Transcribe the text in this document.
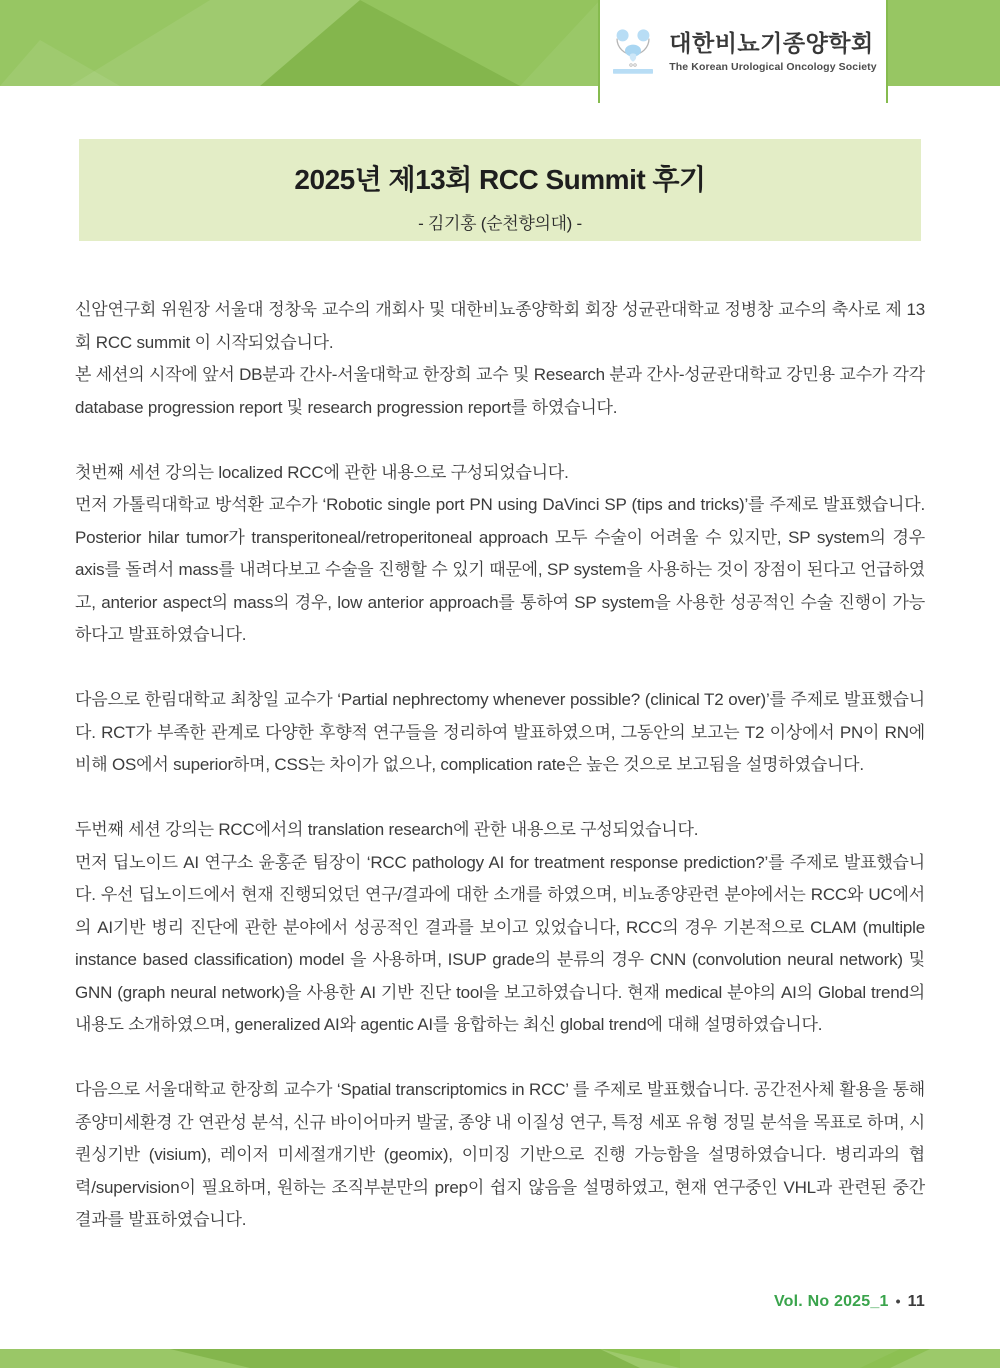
대한비뇨기종양학회
The Korean Urological Oncology Society
2025년 제13회 RCC Summit 후기
- 김기홍 (순천향의대) -

신암연구회 위원장 서울대 정창욱 교수의 개회사 및 대한비뇨종양학회 회장 성균관대학교 정병창 교수의 축사로 제 13회 RCC summit 이 시작되었습니다.

본 세션의 시작에 앞서 DB분과 간사-서울대학교 한장희 교수 및 Research 분과 간사-성균관대학교 강민용 교수가 각각 database progression report 및 research progression report를 하였습니다.

첫번째 세션 강의는 localized RCC에 관한 내용으로 구성되었습니다.

먼저 가톨릭대학교 방석환 교수가 ‘Robotic single port PN using DaVinci SP (tips and tricks)’를 주제로 발표했습니다. Posterior hilar tumor가 transperitoneal/retroperitoneal approach 모두 수술이 어려울 수 있지만, SP system의 경우 axis를 돌려서 mass를 내려다보고 수술을 진행할 수 있기 때문에, SP system을 사용하는 것이 장점이 된다고 언급하였고, anterior aspect의 mass의 경우, low anterior approach를 통하여 SP system을 사용한 성공적인 수술 진행이 가능하다고 발표하였습니다.

다음으로 한림대학교 최창일 교수가 ‘Partial nephrectomy whenever possible? (clinical T2 over)’를 주제로 발표했습니다. RCT가 부족한 관계로 다양한 후향적 연구들을 정리하여 발표하였으며, 그동안의 보고는 T2 이상에서 PN이 RN에 비해 OS에서 superior하며, CSS는 차이가 없으나, complication rate은 높은 것으로 보고됨을 설명하였습니다.

두번째 세션 강의는 RCC에서의 translation research에 관한 내용으로 구성되었습니다.

먼저 딥노이드 AI 연구소 윤홍준 팀장이 ‘RCC pathology AI for treatment response prediction?’를 주제로 발표했습니다. 우선 딥노이드에서 현재 진행되었던 연구/결과에 대한 소개를 하였으며, 비뇨종양관련 분야에서는 RCC와 UC에서의 AI기반 병리 진단에 관한 분야에서 성공적인 결과를 보이고 있었습니다, RCC의 경우 기본적으로 CLAM (multiple instance based classification) model 을 사용하며, ISUP grade의 분류의 경우 CNN (convolution neural network) 및 GNN (graph neural network)을 사용한 AI 기반 진단 tool을 보고하였습니다. 현재 medical 분야의 AI의 Global trend의 내용도 소개하였으며, generalized AI와 agentic AI를 융합하는 최신 global trend에 대해 설명하였습니다.

다음으로 서울대학교 한장희 교수가 ‘Spatial transcriptomics in RCC’ 를 주제로 발표했습니다. 공간전사체 활용을 통해 종양미세환경 간 연관성 분석, 신규 바이어마커 발굴, 종양 내 이질성 연구, 특정 세포 유형 정밀 분석을 목표로 하며, 시퀀싱기반 (visium), 레이저 미세절개기반 (geomix), 이미징 기반으로 진행 가능함을 설명하였습니다. 병리과의 협력/supervision이 필요하며, 원하는 조직부분만의 prep이 쉽지 않음을 설명하였고, 현재 연구중인 VHL과 관련된 중간 결과를 발표하였습니다.

Vol. No 2025_1 • 11
